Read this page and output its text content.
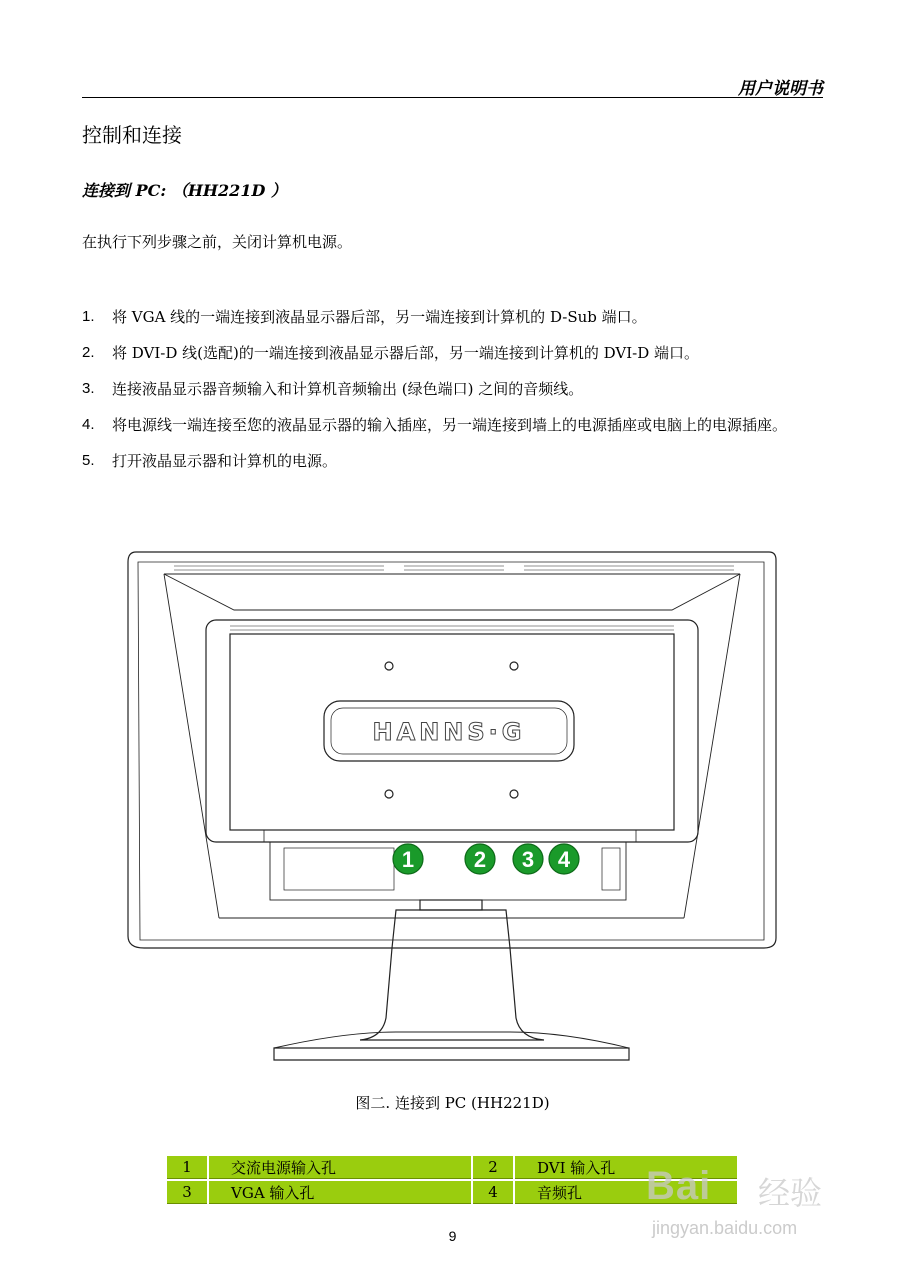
用户说明书
控制和连接
连接到 PC: （HH221D ）
在执行下列步骤之前，关闭计算机电源。
1. 将 VGA 线的一端连接到液晶显示器后部，另一端连接到计算机的 D-Sub 端口。
2. 将 DVI-D 线(选配)的一端连接到液晶显示器后部，另一端连接到计算机的 DVI-D 端口。
3. 连接液晶显示器音频输入和计算机音频输出 (绿色端口) 之间的音频线。
4. 将电源线一端连接至您的液晶显示器的输入插座，另一端连接到墙上的电源插座或电脑上的电源插座。
5. 打开液晶显示器和计算机的电源。
HANNS·G
1	2 3 4
图二. 连接到 PC (HH221D)
1	交流电源输入孔	2	DVI 输入孔
3	VGA 输入孔	4	音频孔
9
Bai 经验
jingyan.baidu.com
